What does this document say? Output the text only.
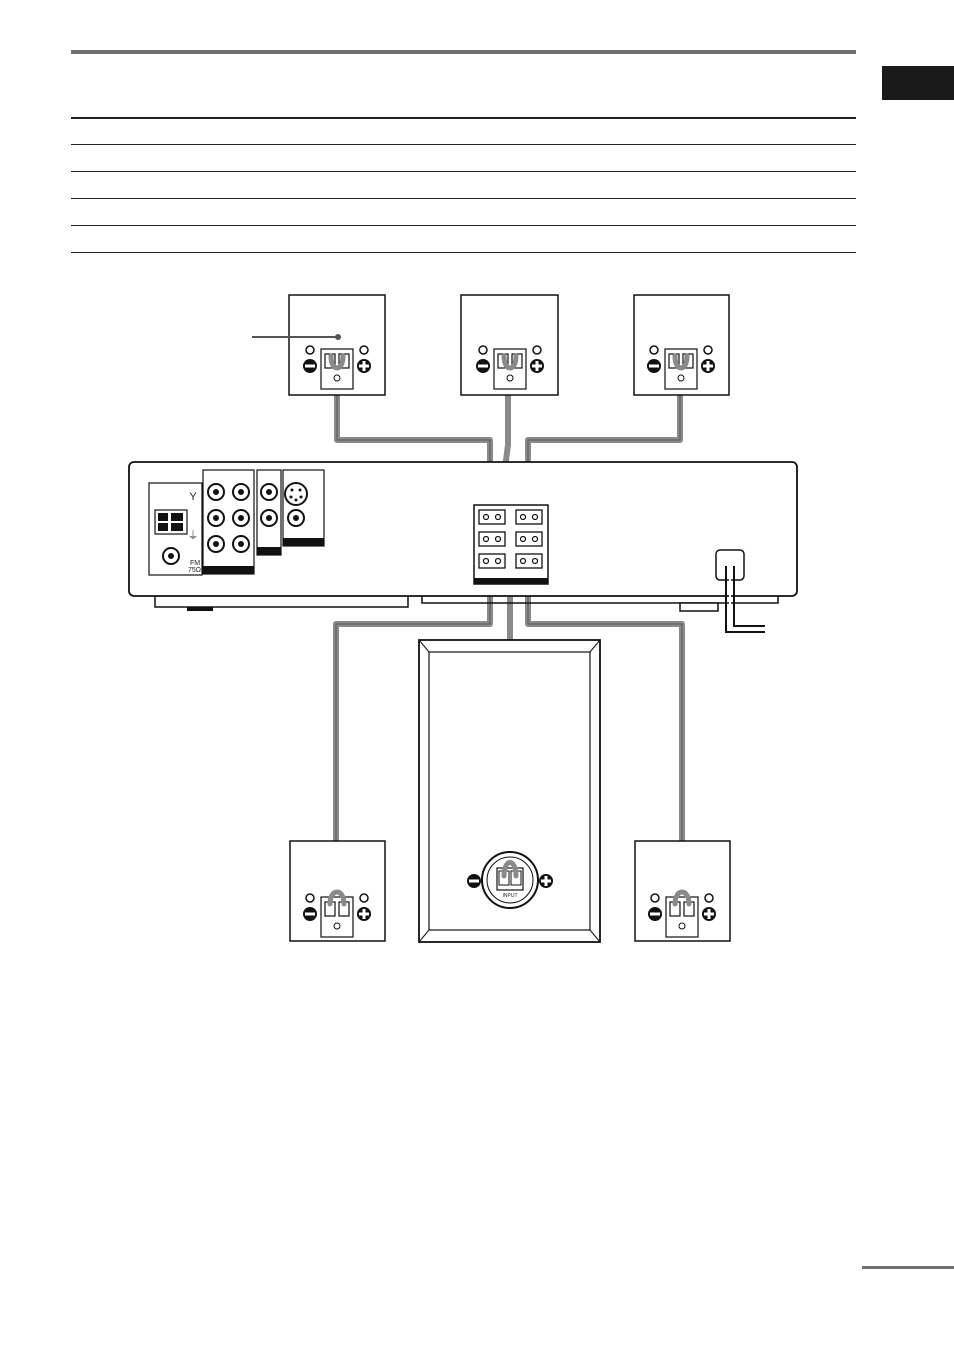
Y
⏚
FM
75Ω
INPUT
